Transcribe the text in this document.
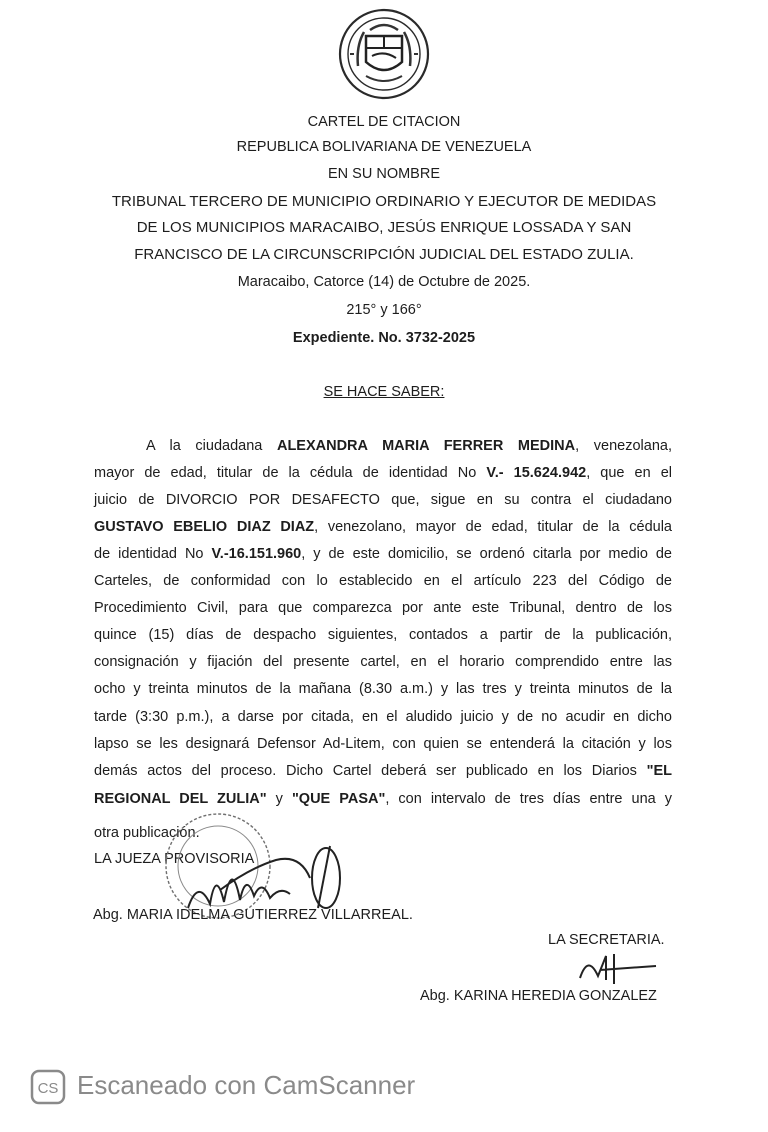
CARTEL DE CITACION
REPUBLICA BOLIVARIANA DE VENEZUELA
EN SU NOMBRE
TRIBUNAL TERCERO DE MUNICIPIO ORDINARIO Y EJECUTOR DE MEDIDAS
DE LOS MUNICIPIOS MARACAIBO, JESÚS ENRIQUE LOSSADA Y SAN
FRANCISCO DE LA CIRCUNSCRIPCIÓN JUDICIAL DEL ESTADO ZULIA.
Maracaibo, Catorce (14) de Octubre de 2025.
215° y 166°
Expediente. No. 3732-2025
SE HACE SABER:
A la ciudadana ALEXANDRA MARIA FERRER MEDINA, venezolana,
mayor de edad, titular de la cédula de identidad No V.- 15.624.942, que en el
juicio de DIVORCIO POR DESAFECTO que, sigue en su contra el ciudadano
GUSTAVO EBELIO DIAZ DIAZ, venezolano, mayor de edad, titular de la cédula
de identidad No V.-16.151.960, y de este domicilio, se ordenó citarla por medio de
Carteles, de conformidad con lo establecido en el artículo 223 del Código de
Procedimiento Civil, para que comparezca por ante este Tribunal, dentro de los
quince (15) días de despacho siguientes, contados a partir de la publicación,
consignación y fijación del presente cartel, en el horario comprendido entre las
ocho y treinta minutos de la mañana (8.30 a.m.) y las tres y treinta minutos de la
tarde (3:30 p.m.), a darse por citada, en el aludido juicio y de no acudir en dicho
lapso se les designará Defensor Ad-Litem, con quien se entenderá la citación y los
demás actos del proceso. Dicho Cartel deberá ser publicado en los Diarios "EL
REGIONAL DEL ZULIA" y "QUE PASA", con intervalo de tres días entre una y
otra publicación.
LA JUEZA PROVISORIA
Abg. MARIA IDELMA GUTIERREZ VILLARREAL.
LA SECRETARIA.
Abg. KARINA HEREDIA GONZALEZ
CS Escaneado con CamScanner
